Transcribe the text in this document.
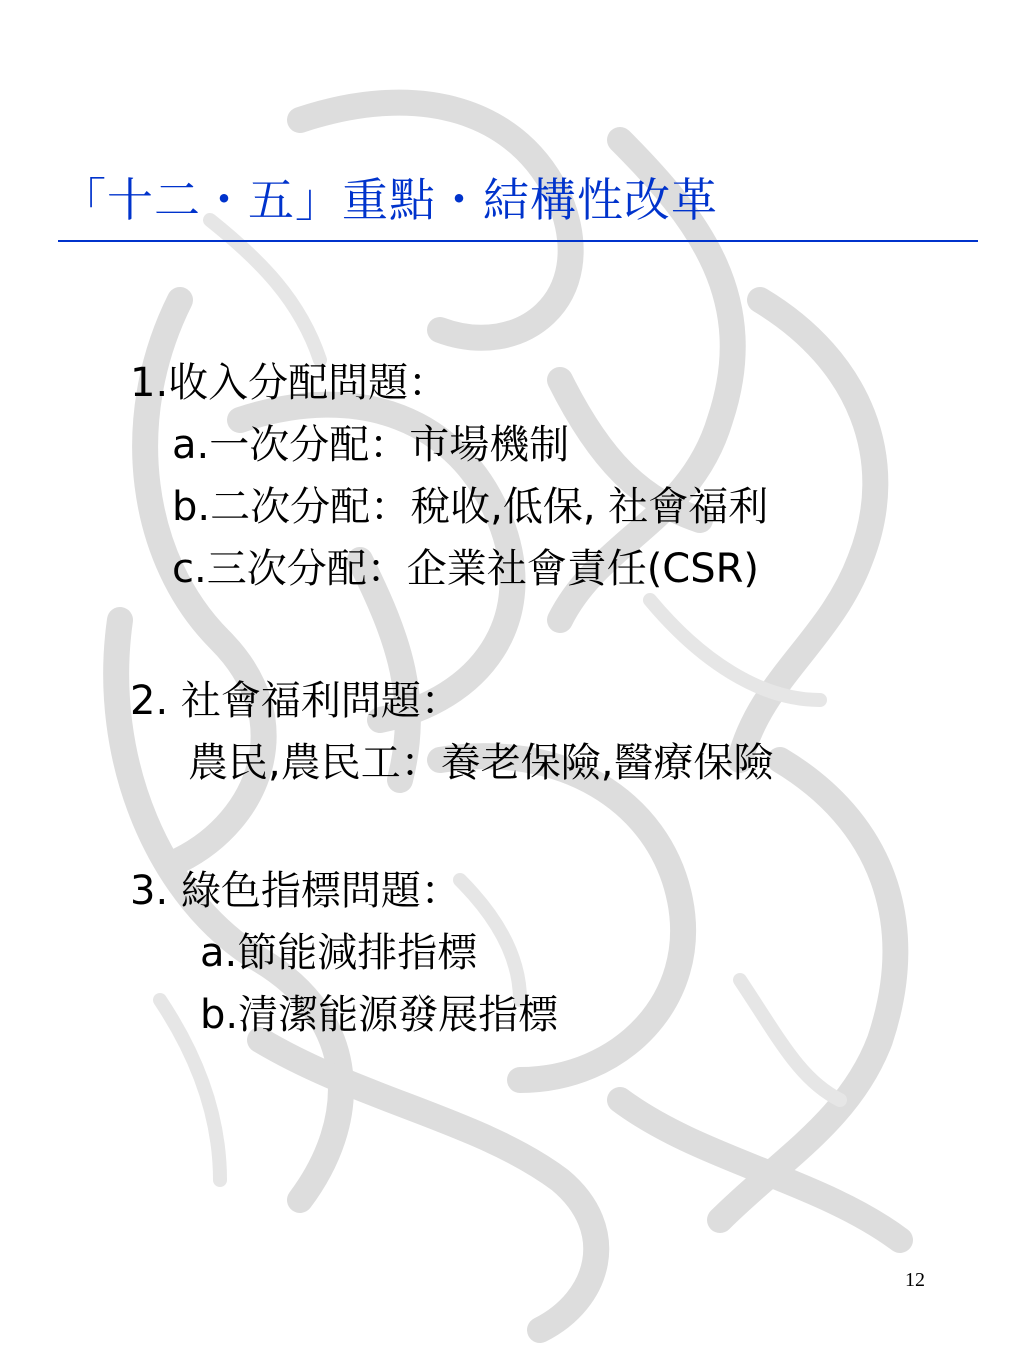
「十二・五」重點・結構性改革
1.收入分配問題：
a.一次分配：市場機制
b.二次分配：稅收,低保, 社會福利
c.三次分配：企業社會責任(CSR)
2. 社會福利問題：
農民,農民工：養老保險,醫療保險
3. 綠色指標問題：
a.節能減排指標
b.清潔能源發展指標
12
